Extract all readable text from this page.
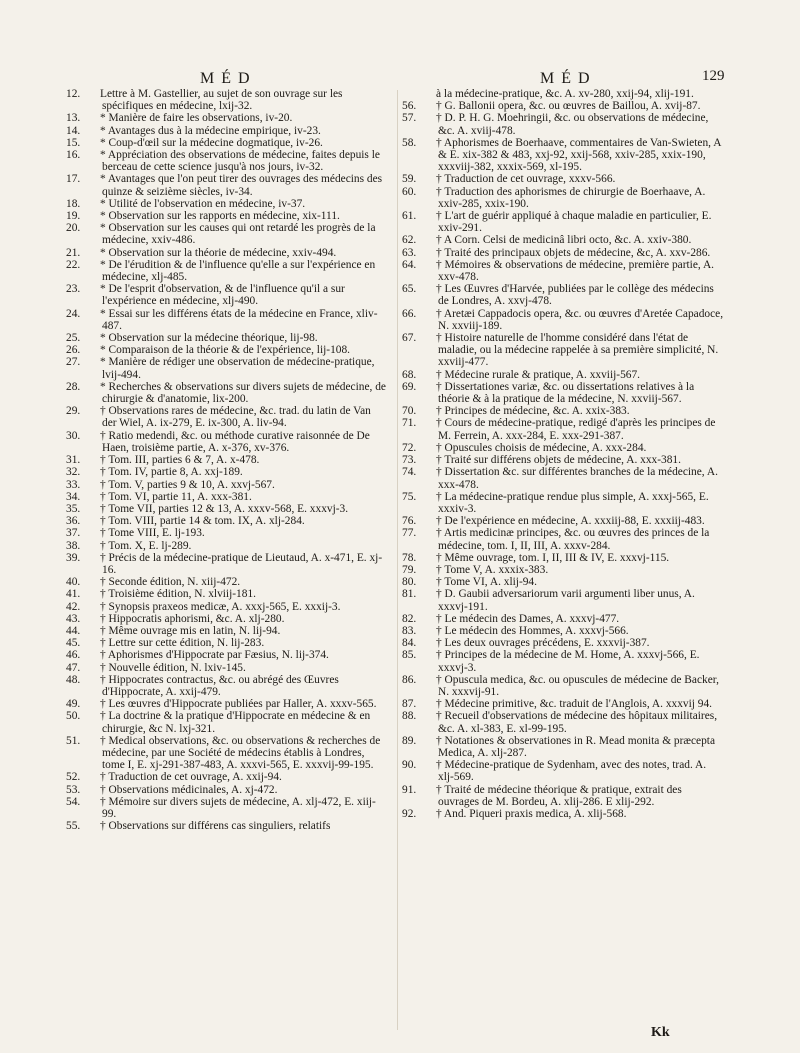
MÉD	MÉD	129
12.	Lettre à M. Gastellier, au sujet de son ouvrage sur les spécifiques en médecine, lxij-32.
13.	* Manière de faire les observations, iv-20.
14.	* Avantages dus à la médecine empirique, iv-23.
15.	* Coup-d'œil sur la médecine dogmatique, iv-26.
16.	* Appréciation des observations de médecine, faites depuis le berceau de cette science jusqu'à nos jours, iv-32.
17.	* Avantages que l'on peut tirer des ouvrages des médecins des quinze & seizième siècles, iv-34.
18.	* Utilité de l'observation en médecine, iv-37.
19.	* Observation sur les rapports en médecine, xix-111.
20.	* Observation sur les causes qui ont retardé les progrès de la médecine, xxiv-486.
21.	* Observation sur la théorie de médecine, xxiv-494.
22.	* De l'érudition & de l'influence qu'elle a sur l'expérience en médecine, xlj-485.
23.	* De l'esprit d'observation, & de l'influence qu'il a sur l'expérience en médecine, xlj-490.
24.	* Essai sur les différens états de la médecine en France, xliv-487.
25.	* Observation sur la médecine théorique, lij-98.
26.	* Comparaison de la théorie & de l'expérience, lij-108.
27.	* Manière de rédiger une observation de médecine-pratique, lvij-494.
28.	* Recherches & observations sur divers sujets de médecine, de chirurgie & d'anatomie, lix-200.
29.	† Observations rares de médecine, &c. trad. du latin de Van der Wiel, A. ix-279, E. ix-300, A. liv-94.
30.	† Ratio medendi, &c. ou méthode curative raisonnée de De Haen, troisième partie, A. x-376, xv-376.
31.	† Tom. III, parties 6 & 7, A. x-478.
32.	† Tom. IV, partie 8, A. xxj-189.
33.	† Tom. V, parties 9 & 10, A. xxvj-567.
34.	† Tom. VI, partie 11, A. xxx-381.
35.	† Tome VII, parties 12 & 13, A. xxxv-568, E. xxxvj-3.
36.	† Tom. VIII, partie 14 & tom. IX, A. xlj-284.
37.	† Tome VIII, E. lj-193.
38.	† Tom. X, E. lj-289.
39.	† Précis de la médecine-pratique de Lieutaud, A. x-471, E. xj-16.
40.	† Seconde édition, N. xiij-472.
41.	† Troisième édition, N. xlviij-181.
42.	† Synopsis praxeos medicæ, A. xxxj-565, E. xxxij-3.
43.	† Hippocratis aphorismi, &c. A. xlj-280.
44.	† Même ouvrage mis en latin, N. lij-94.
45.	† Lettre sur cette édition, N. lij-283.
46.	† Aphorismes d'Hippocrate par Fæsius, N. lij-374.
47.	† Nouvelle édition, N. lxiv-145.
48.	† Hippocrates contractus, &c. ou abrégé des Œuvres d'Hippocrate, A. xxij-479.
49.	† Les œuvres d'Hippocrate publiées par Haller, A. xxxv-565.
50.	† La doctrine & la pratique d'Hippocrate en médecine & en chirurgie, &c N. lxj-321.
51.	† Medical observations, &c. ou observations & recherches de médecine, par une Société de médecins établis à Londres, tome I, E. xj-291-387-483, A. xxxvi-565, E. xxxvij-99-195.
52.	† Traduction de cet ouvrage, A. xxij-94.
53.	† Observations médicinales, A. xj-472.
54.	† Mémoire sur divers sujets de médecine, A. xlj-472, E. xiij-99.
55.	† Observations sur différens cas singuliers, relatifs
à la médecine-pratique, &c. A. xv-280, xxij-94, xlij-191.
56.	† G. Ballonii opera, &c. ou œuvres de Baillou, A. xvij-87.
57.	† D. P. H. G. Moehringii, &c. ou observations de médecine, &c. A. xviij-478.
58.	† Aphorismes de Boerhaave, commentaires de Van-Swieten, A & E. xix-382 & 483, xxj-92, xxij-568, xxiv-285, xxix-190, xxxviij-382, xxxix-569, xl-195.
59.	† Traduction de cet ouvrage, xxxv-566.
60.	† Traduction des aphorismes de chirurgie de Boerhaave, A. xxiv-285, xxix-190.
61.	† L'art de guérir appliqué à chaque maladie en particulier, E. xxiv-291.
62.	† A Corn. Celsi de medicinâ libri octo, &c. A. xxiv-380.
63.	† Traité des principaux objets de médecine, &c, A. xxv-286.
64.	† Mémoires & observations de médecine, première partie, A. xxv-478.
65.	† Les Œuvres d'Harvée, publiées par le collège des médecins de Londres, A. xxvj-478.
66.	† Aretæi Cappadocis opera, &c. ou œuvres d'Aretée Capadoce, N. xxviij-189.
67.	† Histoire naturelle de l'homme considéré dans l'état de maladie, ou la médecine rappelée à sa première simplicité, N. xxviij-477.
68.	† Médecine rurale & pratique, A. xxviij-567.
69.	† Dissertationes variæ, &c. ou dissertations relatives à la théorie & à la pratique de la médecine, N. xxviij-567.
70.	† Principes de médecine, &c. A. xxix-383.
71.	† Cours de médecine-pratique, redigé d'après les principes de M. Ferrein, A. xxx-284, E. xxx-291-387.
72.	† Opuscules choisis de médecine, A. xxx-284.
73.	† Traité sur différens objets de médecine, A. xxx-381.
74.	† Dissertation &c. sur différentes branches de la médecine, A. xxx-478.
75.	† La médecine-pratique rendue plus simple, A. xxxj-565, E. xxxiv-3.
76.	† De l'expérience en médecine, A. xxxiij-88, E. xxxiij-483.
77.	† Artis medicinæ principes, &c. ou œuvres des princes de la médecine, tom. I, II, III, A. xxxv-284.
78.	† Même ouvrage, tom. I, II, III & IV, E. xxxvj-115.
79.	† Tome V, A. xxxix-383.
80.	† Tome VI, A. xlij-94.
81.	† D. Gaubii adversariorum varii argumenti liber unus, A. xxxvj-191.
82.	† Le médecin des Dames, A. xxxvj-477.
83.	† Le médecin des Hommes, A. xxxvj-566.
84.	† Les deux ouvrages précédens, E. xxxvij-387.
85.	† Principes de la médecine de M. Home, A. xxxvj-566, E. xxxvj-3.
86.	† Opuscula medica, &c. ou opuscules de médecine de Backer, N. xxxvij-91.
87.	† Médecine primitive, &c. traduit de l'Anglois, A. xxxvij 94.
88.	† Recueil d'observations de médecine des hôpitaux militaires, &c. A. xl-383, E. xl-99-195.
89.	† Notationes & observationes in R. Mead monita & præcepta Medica, A. xlj-287.
90.	† Médecine-pratique de Sydenham, avec des notes, trad. A. xlj-569.
91.	† Traité de médecine théorique & pratique, extrait des ouvrages de M. Bordeu, A. xlij-286. E xlij-292.
92.	† And. Piqueri praxis medica, A. xlij-568.
Kk
